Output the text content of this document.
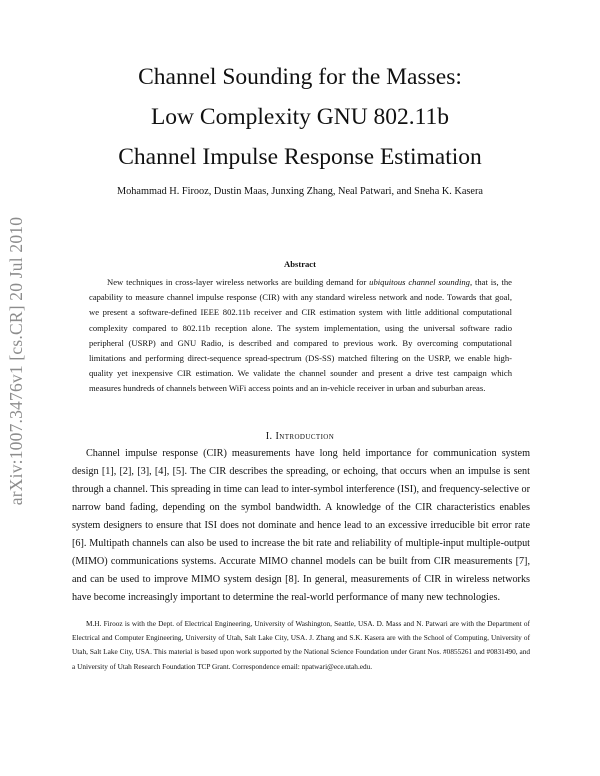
arXiv:1007.3476v1 [cs.CR] 20 Jul 2010
Channel Sounding for the Masses:
Low Complexity GNU 802.11b
Channel Impulse Response Estimation
Mohammad H. Firooz, Dustin Maas, Junxing Zhang, Neal Patwari, and Sneha K. Kasera
Abstract

New techniques in cross-layer wireless networks are building demand for ubiquitous channel sounding, that is, the capability to measure channel impulse response (CIR) with any standard wireless network and node. Towards that goal, we present a software-defined IEEE 802.11b receiver and CIR estimation system with little additional computational complexity compared to 802.11b reception alone. The system implementation, using the universal software radio peripheral (USRP) and GNU Radio, is described and compared to previous work. By overcoming computational limitations and performing direct-sequence spread-spectrum (DS-SS) matched filtering on the USRP, we enable high-quality yet inexpensive CIR estimation. We validate the channel sounder and present a drive test campaign which measures hundreds of channels between WiFi access points and an in-vehicle receiver in urban and suburban areas.

I. Introduction

Channel impulse response (CIR) measurements have long held importance for communication system design [1], [2], [3], [4], [5]. The CIR describes the spreading, or echoing, that occurs when an impulse is sent through a channel. This spreading in time can lead to inter-symbol interference (ISI), and frequency-selective or narrow band fading, depending on the symbol bandwidth. A knowledge of the CIR characteristics enables system designers to ensure that ISI does not dominate and hence lead to an excessive irreducible bit error rate [6]. Multipath channels can also be used to increase the bit rate and reliability of multiple-input multiple-output (MIMO) communications systems. Accurate MIMO channel models can be built from CIR measurements [7], and can be used to improve MIMO system design [8]. In general, measurements of CIR in wireless networks have become increasingly important to determine the real-world performance of many new technologies.

M.H. Firooz is with the Dept. of Electrical Engineering, University of Washington, Seattle, USA. D. Mass and N. Patwari are with the Department of Electrical and Computer Engineering, University of Utah, Salt Lake City, USA. J. Zhang and S.K. Kasera are with the School of Computing, University of Utah, Salt Lake City, USA. This material is based upon work supported by the National Science Foundation under Grant Nos. #0855261 and #0831490, and a University of Utah Research Foundation TCP Grant. Correspondence email: npatwari@ece.utah.edu.
